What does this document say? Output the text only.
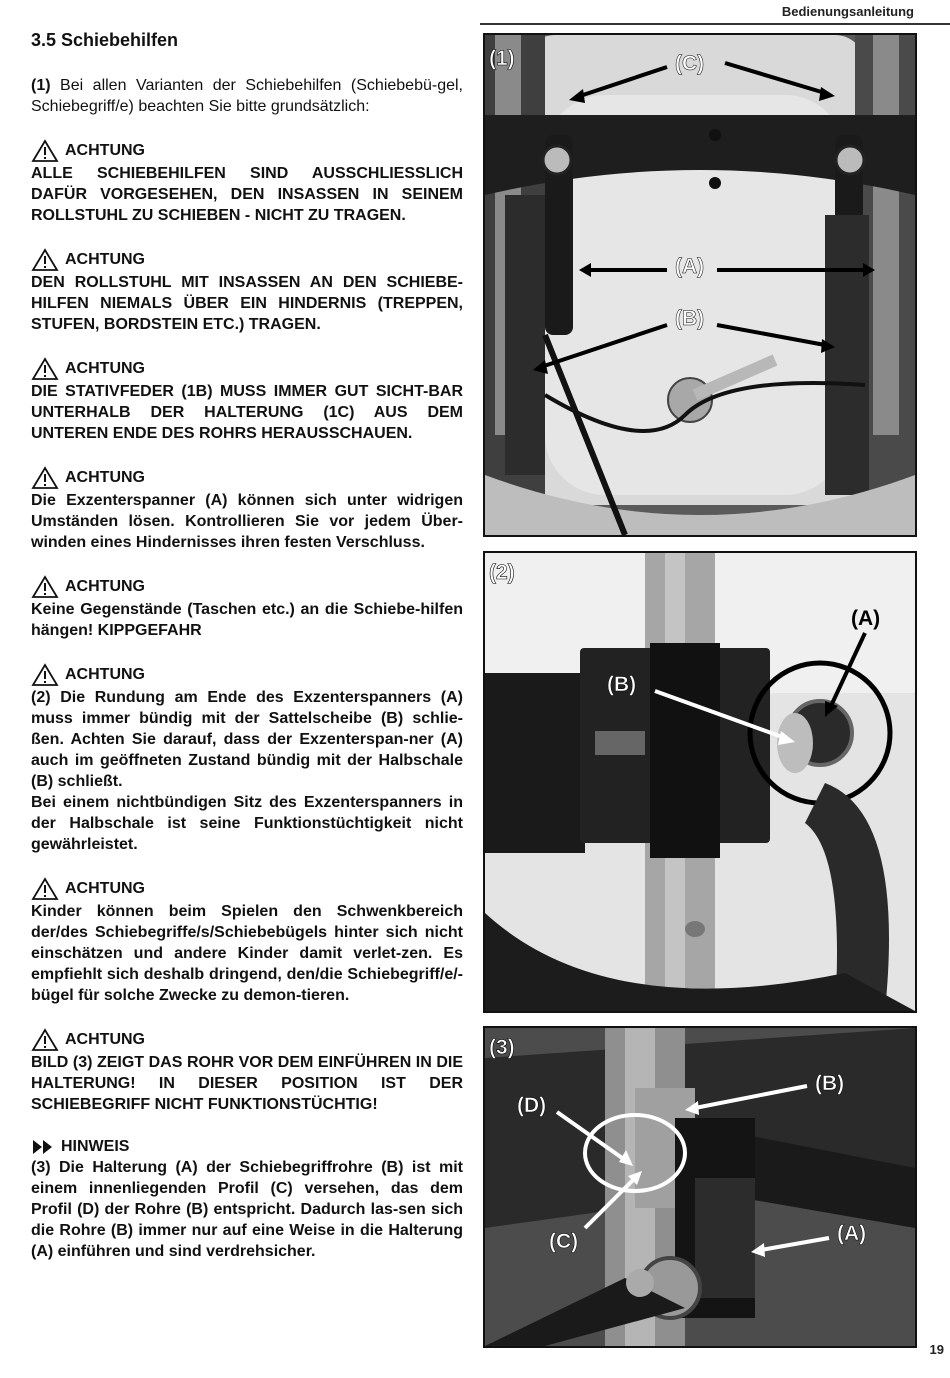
Bedienungsanleitung
3.5 Schiebehilfen

(1) Bei allen Varianten der Schiebehilfen (Schiebebü-gel, Schiebegriff/e) beachten Sie bitte grundsätzlich:

ACHTUNG

ALLE SCHIEBEHILFEN SIND AUSSCHLIESSLICH DAFÜR VORGESEHEN, DEN INSASSEN IN SEINEM ROLLSTUHL ZU SCHIEBEN - NICHT ZU TRAGEN.

ACHTUNG

DEN ROLLSTUHL MIT INSASSEN AN DEN SCHIEBE-HILFEN NIEMALS ÜBER EIN HINDERNIS (TREPPEN, STUFEN, BORDSTEIN ETC.) TRAGEN.

ACHTUNG

DIE STATIVFEDER (1B) MUSS IMMER GUT SICHT-BAR UNTERHALB DER HALTERUNG (1C) AUS DEM UNTEREN ENDE DES ROHRS HERAUSSCHAUEN.

ACHTUNG

Die Exzenterspanner (A) können sich unter widrigen Umständen lösen. Kontrollieren Sie vor jedem Über-winden eines Hindernisses ihren festen Verschluss.

ACHTUNG

Keine Gegenstände (Taschen etc.) an die Schiebe-hilfen hängen! KIPPGEFAHR

ACHTUNG

(2) Die Rundung am Ende des Exzenterspanners (A) muss immer bündig mit der Sattelscheibe (B) schlie-ßen. Achten Sie darauf, dass der Exzenterspan-ner (A) auch im geöffneten Zustand bündig mit der Halbschale (B) schließt.

Bei einem nichtbündigen Sitz des Exzenterspanners in der Halbschale ist seine Funktionstüchtigkeit nicht gewährleistet.

ACHTUNG

Kinder können beim Spielen den Schwenkbereich der/des Schiebegriffe/s/Schiebebügels hinter sich nicht einschätzen und andere Kinder damit verlet-zen. Es empfiehlt sich deshalb dringend, den/die Schiebegriff/e/-bügel für solche Zwecke zu demon-tieren.

ACHTUNG

BILD (3) ZEIGT DAS ROHR VOR DEM EINFÜHREN IN DIE HALTERUNG! IN DIESER POSITION IST DER SCHIEBEGRIFF NICHT FUNKTIONSTÜCHTIG!

HINWEIS

(3) Die Halterung (A) der Schiebegriffrohre (B) ist mit einem innenliegenden Profil (C) versehen, das dem Profil (D) der Rohre (B) entspricht. Dadurch las-sen sich die Rohre (B) immer nur auf eine Weise in die Halterung (A) einführen und sind verdrehsicher.

(1)	(C)
(A)
(B)
(2)
(A)
(B)
(3)
(B)
(D)
(C)	(A)
19
